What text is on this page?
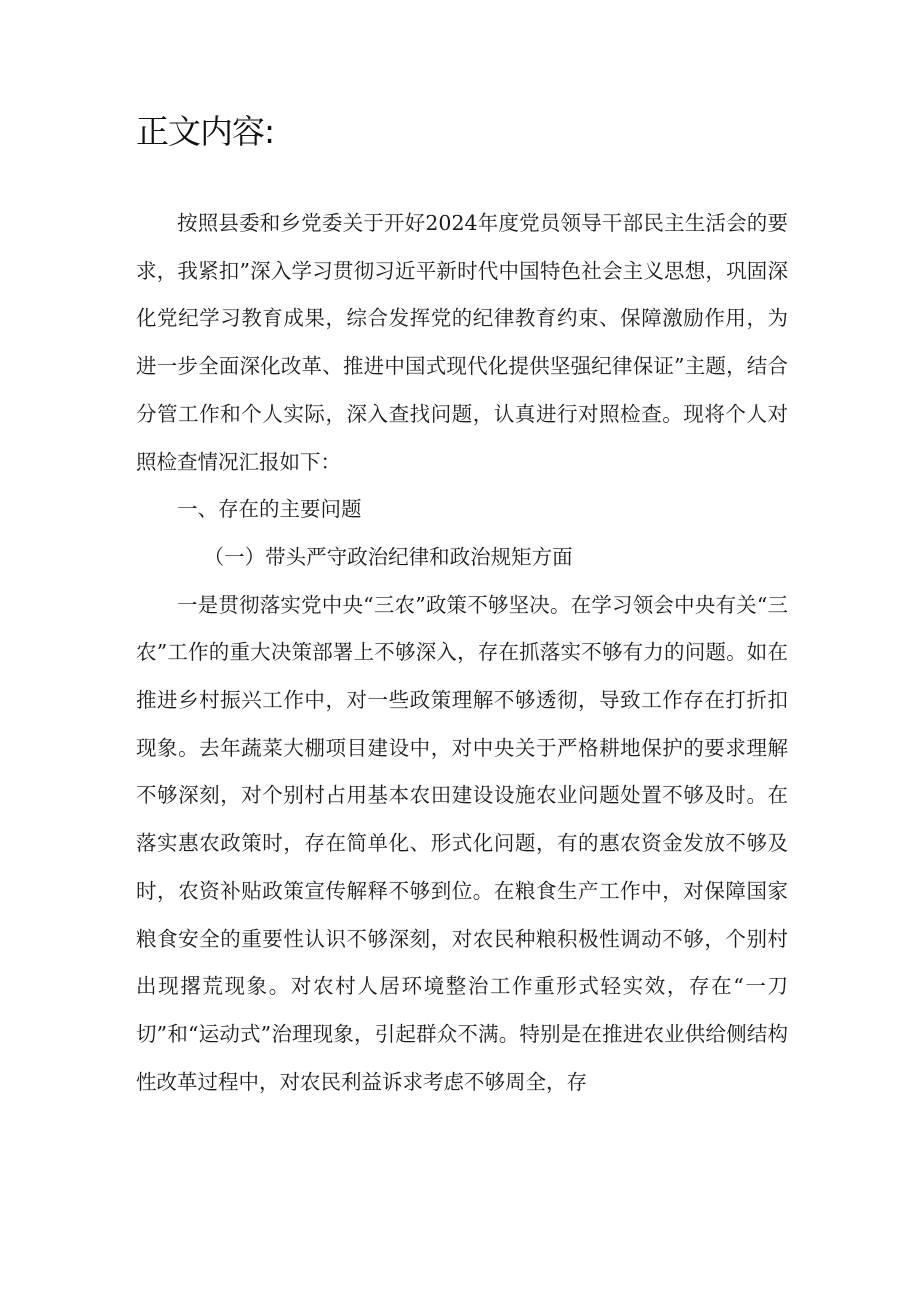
正文内容:

按照县委和乡党委关于开好2024年度党员领导干部民主生活会的要求，我紧扣”深入学习贯彻习近平新时代中国特色社会主义思想，巩固深化党纪学习教育成果，综合发挥党的纪律教育约束、保障激励作用，为进一步全面深化改革、推进中国式现代化提供坚强纪律保证”主题，结合分管工作和个人实际，深入查找问题，认真进行对照检查。现将个人对照检查情况汇报如下：

一、存在的主要问题

（一）带头严守政治纪律和政治规矩方面

一是贯彻落实党中央“三农”政策不够坚决。在学习领会中央有关“三农”工作的重大决策部署上不够深入，存在抓落实不够有力的问题。如在推进乡村振兴工作中，对一些政策理解不够透彻，导致工作存在打折扣现象。去年蔬菜大棚项目建设中，对中央关于严格耕地保护的要求理解不够深刻，对个别村占用基本农田建设设施农业问题处置不够及时。在落实惠农政策时，存在简单化、形式化问题，有的惠农资金发放不够及时，农资补贴政策宣传解释不够到位。在粮食生产工作中，对保障国家粮食安全的重要性认识不够深刻，对农民种粮积极性调动不够，个别村出现撂荒现象。对农村人居环境整治工作重形式轻实效，存在“一刀切”和“运动式”治理现象，引起群众不满。特别是在推进农业供给侧结构性改革过程中，对农民利益诉求考虑不够周全，存
